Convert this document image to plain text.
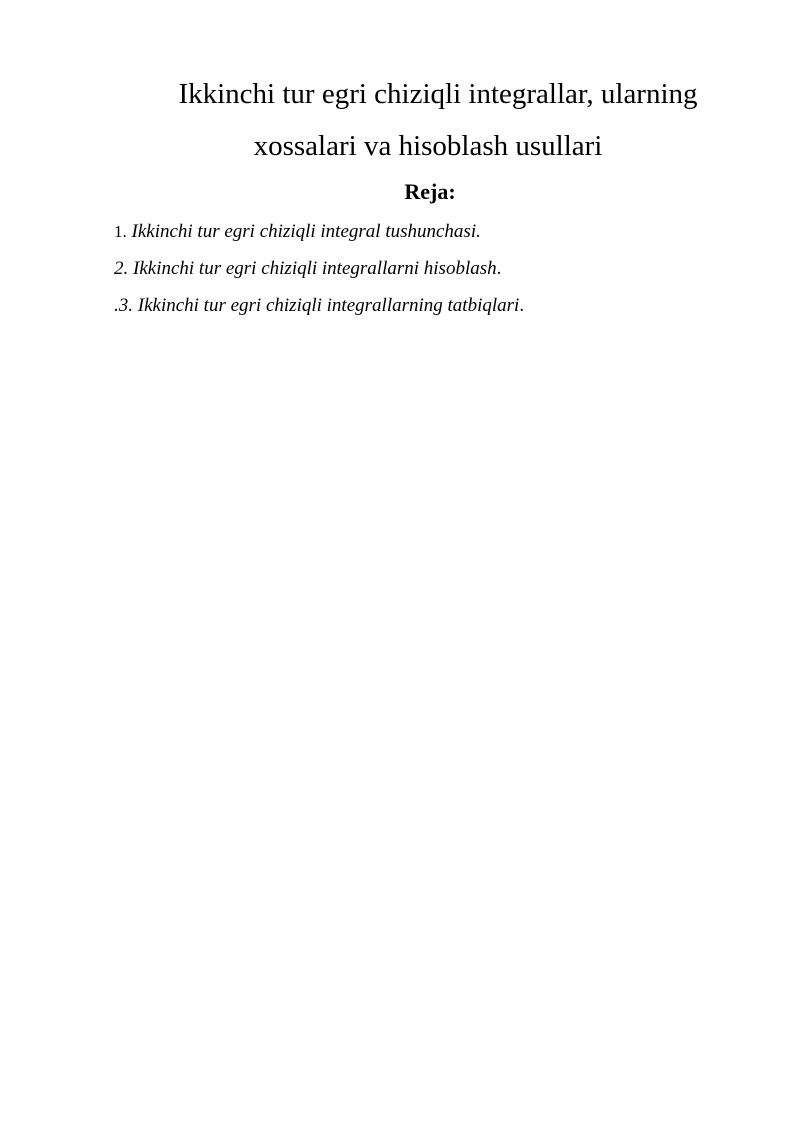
Ikkinchi tur egri chiziqli integrallar, ularning
xossalari va hisoblash usullari
Reja:
1. Ikkinchi tur egri chiziqli integral tushunchasi.
2. Ikkinchi tur egri chiziqli integrallarni hisoblash.
.3. Ikkinchi tur egri chiziqli integrallarning tatbiqlari.
